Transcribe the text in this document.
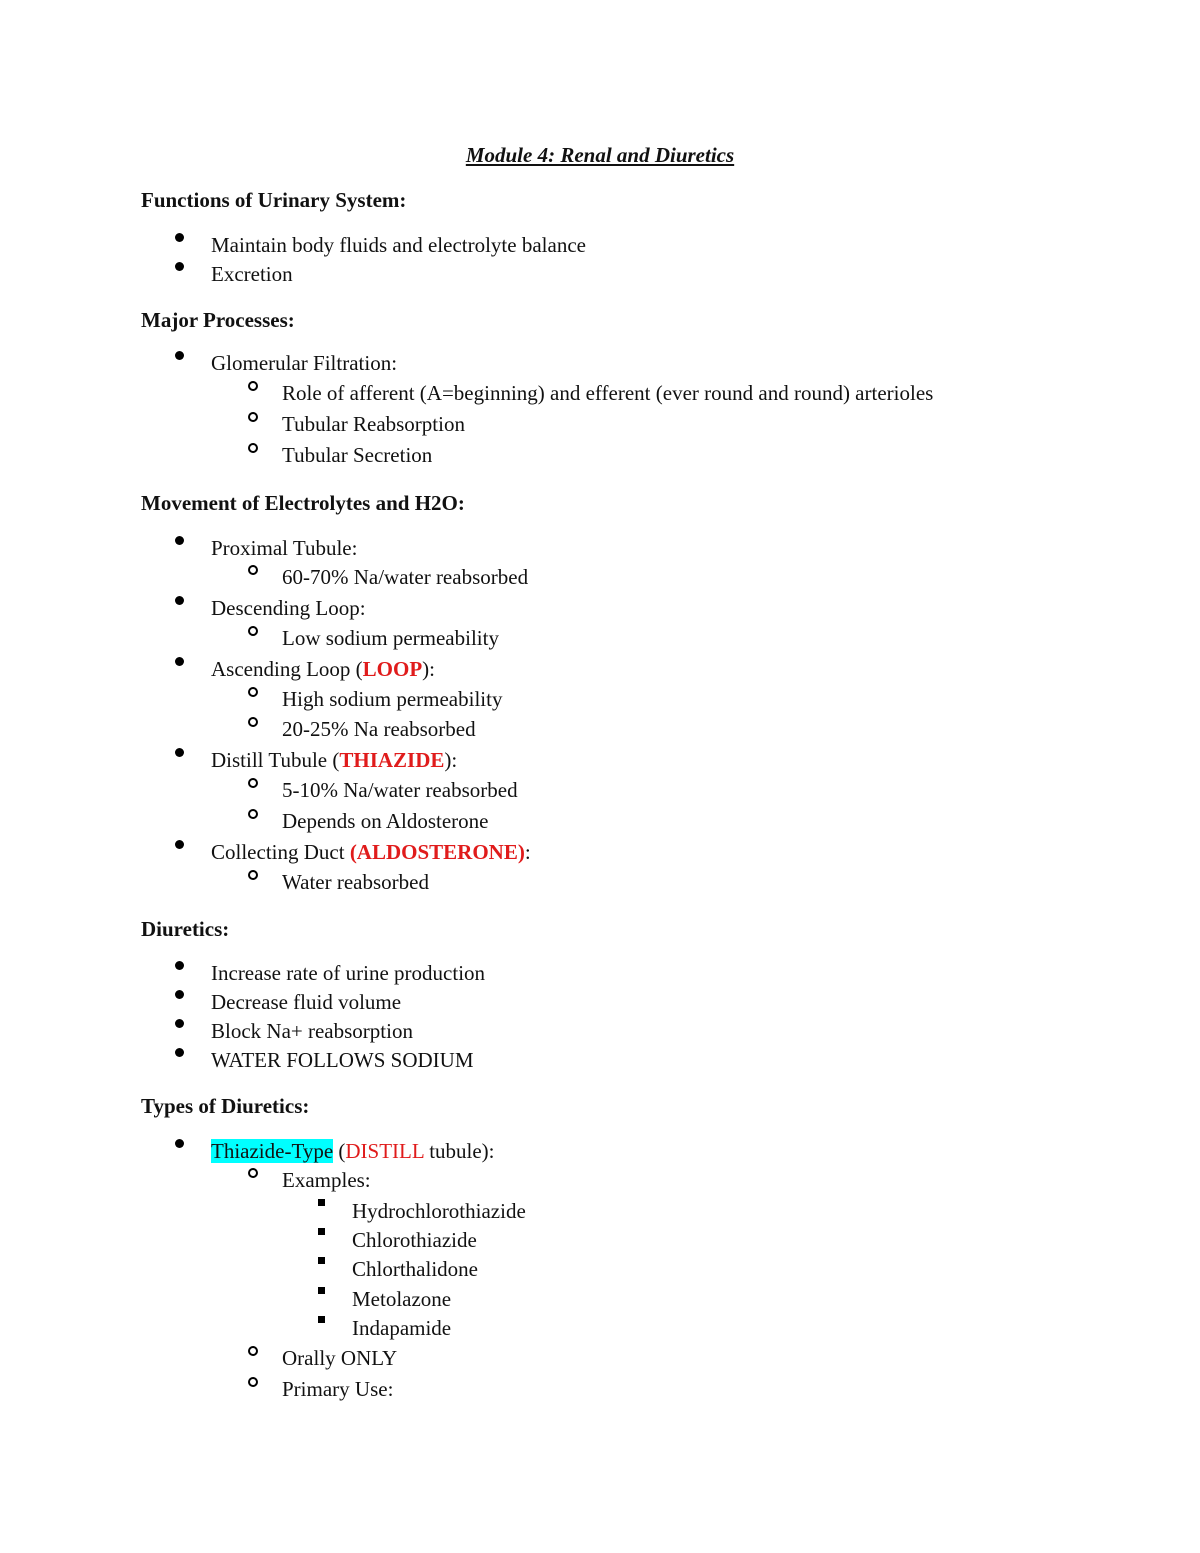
Module 4: Renal and Diuretics
Functions of Urinary System:
Maintain body fluids and electrolyte balance
Excretion
Major Processes:
Glomerular Filtration:
Role of afferent (A=beginning) and efferent (ever round and round) arterioles
Tubular Reabsorption
Tubular Secretion
Movement of Electrolytes and H2O:
Proximal Tubule:
60-70% Na/water reabsorbed
Descending Loop:
Low sodium permeability
Ascending Loop (LOOP):
High sodium permeability
20-25% Na reabsorbed
Distill Tubule (THIAZIDE):
5-10% Na/water reabsorbed
Depends on Aldosterone
Collecting Duct (ALDOSTERONE):
Water reabsorbed
Diuretics:
Increase rate of urine production
Decrease fluid volume
Block Na+ reabsorption
WATER FOLLOWS SODIUM
Types of Diuretics:
Thiazide-Type (DISTILL tubule):
Examples:
Hydrochlorothiazide
Chlorothiazide
Chlorthalidone
Metolazone
Indapamide
Orally ONLY
Primary Use:
